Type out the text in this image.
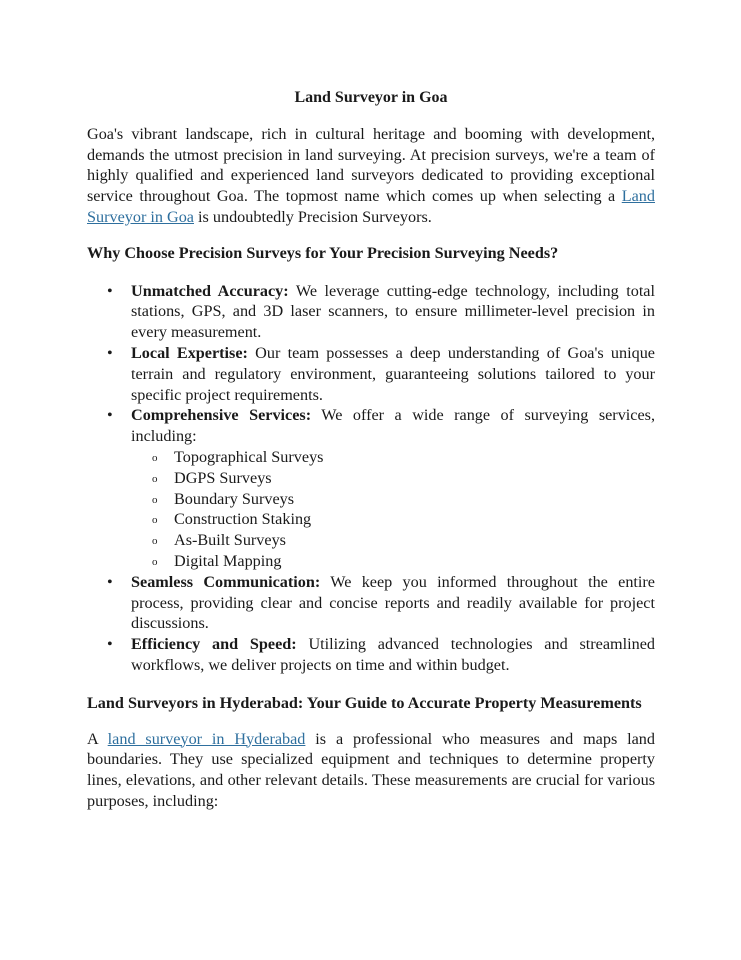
Land Surveyor in Goa

Goa's vibrant landscape, rich in cultural heritage and booming with development, demands the utmost precision in land surveying. At precision surveys, we're a team of highly qualified and experienced land surveyors dedicated to providing exceptional service throughout Goa. The topmost name which comes up when selecting a Land Surveyor in Goa is undoubtedly Precision Surveyors.

Why Choose Precision Surveys for Your Precision Surveying Needs?

• Unmatched Accuracy: We leverage cutting-edge technology, including total stations, GPS, and 3D laser scanners, to ensure millimeter-level precision in every measurement.
• Local Expertise: Our team possesses a deep understanding of Goa's unique terrain and regulatory environment, guaranteeing solutions tailored to your specific project requirements.
• Comprehensive Services: We offer a wide range of surveying services, including:
o Topographical Surveys
o DGPS Surveys
o Boundary Surveys
o Construction Staking
o As-Built Surveys
o Digital Mapping
• Seamless Communication: We keep you informed throughout the entire process, providing clear and concise reports and readily available for project discussions.
• Efficiency and Speed: Utilizing advanced technologies and streamlined workflows, we deliver projects on time and within budget.

Land Surveyors in Hyderabad: Your Guide to Accurate Property Measurements

A land surveyor in Hyderabad is a professional who measures and maps land boundaries. They use specialized equipment and techniques to determine property lines, elevations, and other relevant details. These measurements are crucial for various purposes, including:
